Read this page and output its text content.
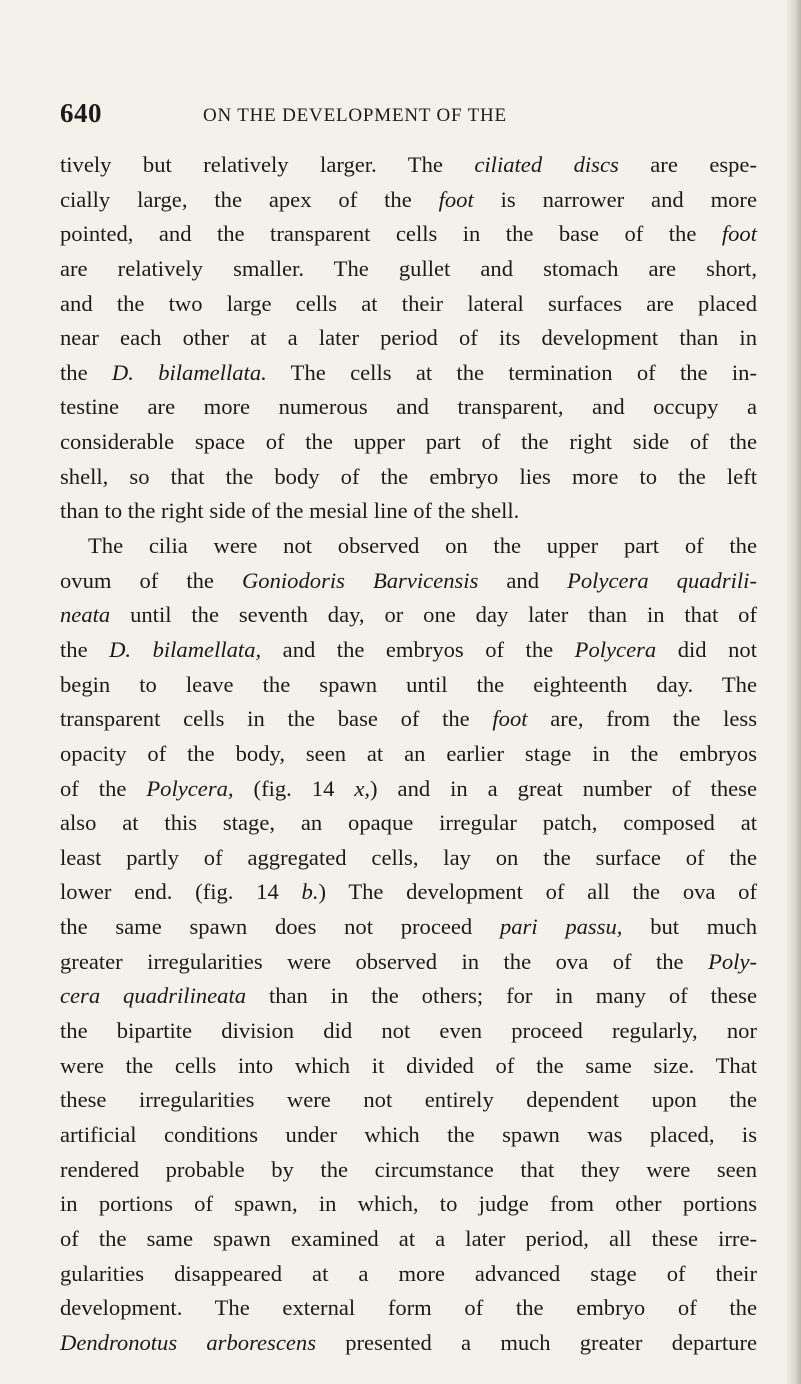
640	ON THE DEVELOPMENT OF THE
tively but relatively larger. The ciliated discs are espe-
cially large, the apex of the foot is narrower and more
pointed, and the transparent cells in the base of the foot
are relatively smaller. The gullet and stomach are short,
and the two large cells at their lateral surfaces are placed
near each other at a later period of its development than in
the D. bilamellata. The cells at the termination of the in-
testine are more numerous and transparent, and occupy a
considerable space of the upper part of the right side of the
shell, so that the body of the embryo lies more to the left
than to the right side of the mesial line of the shell.
The cilia were not observed on the upper part of the
ovum of the Goniodoris Barvicensis and Polycera quadrili-
neata until the seventh day, or one day later than in that of
the D. bilamellata, and the embryos of the Polycera did not
begin to leave the spawn until the eighteenth day. The
transparent cells in the base of the foot are, from the less
opacity of the body, seen at an earlier stage in the embryos
of the Polycera, (fig. 14 x,) and in a great number of these
also at this stage, an opaque irregular patch, composed at
least partly of aggregated cells, lay on the surface of the
lower end. (fig. 14 b.) The development of all the ova of
the same spawn does not proceed pari passu, but much
greater irregularities were observed in the ova of the Poly-
cera quadrilineata than in the others; for in many of these
the bipartite division did not even proceed regularly, nor
were the cells into which it divided of the same size. That
these irregularities were not entirely dependent upon the
artificial conditions under which the spawn was placed, is
rendered probable by the circumstance that they were seen
in portions of spawn, in which, to judge from other portions
of the same spawn examined at a later period, all these irre-
gularities disappeared at a more advanced stage of their
development. The external form of the embryo of the
Dendronotus arborescens presented a much greater departure
